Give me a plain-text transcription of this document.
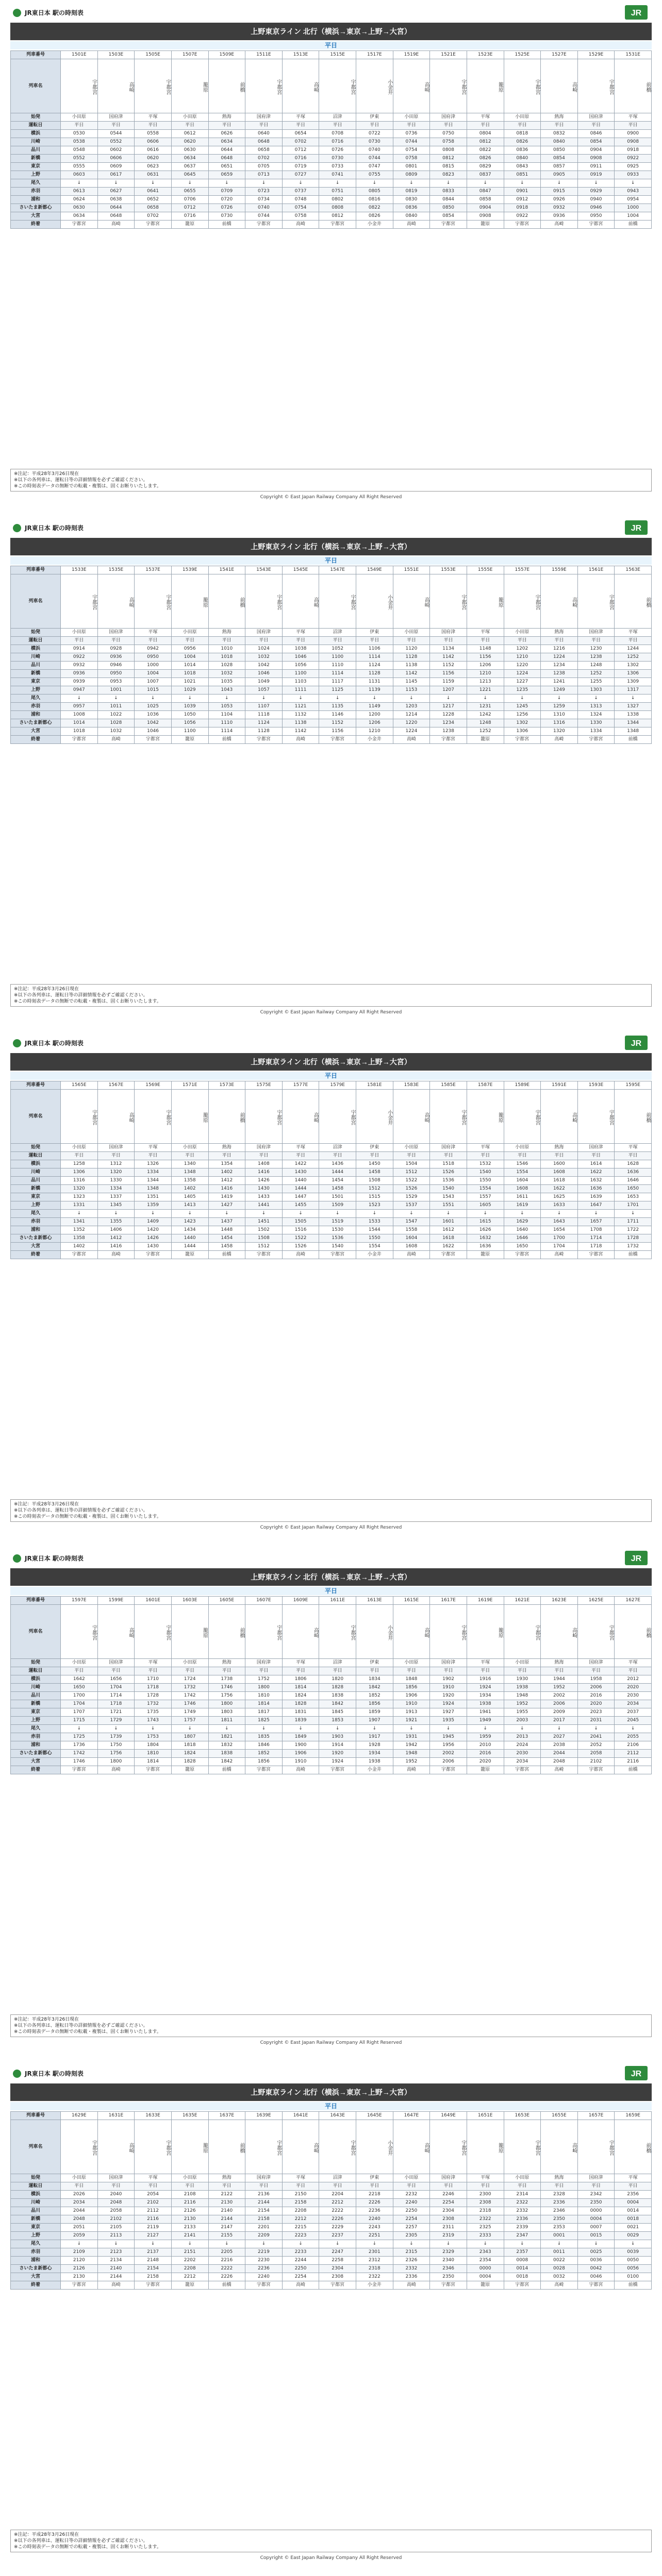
JR東日本 駅の時刻表	JR
上野東京ライン 北行（横浜→東京→上野→大宮）
平日
列車番号	1501E	1503E	1505E	1507E	1509E	1511E	1513E	1515E	1517E	1519E	1521E	1523E	1525E	1527E	1529E	1531E
列車名	宇都宮	高崎	宇都宮	籠原	前橋	宇都宮	高崎	宇都宮	小金井	高崎	宇都宮	籠原	宇都宮	高崎	宇都宮	前橋
始発	小田原	国府津	平塚	小田原	熱海	国府津	平塚	沼津	伊東	小田原	国府津	平塚	小田原	熱海	国府津	平塚
運転日	平日	平日	平日	平日	平日	平日	平日	平日	平日	平日	平日	平日	平日	平日	平日	平日
横浜	0530	0544	0558	0612	0626	0640	0654	0708	0722	0736	0750	0804	0818	0832	0846	0900
川崎	0538	0552	0606	0620	0634	0648	0702	0716	0730	0744	0758	0812	0826	0840	0854	0908
品川	0548	0602	0616	0630	0644	0658	0712	0726	0740	0754	0808	0822	0836	0850	0904	0918
新橋	0552	0606	0620	0634	0648	0702	0716	0730	0744	0758	0812	0826	0840	0854	0908	0922
東京	0555	0609	0623	0637	0651	0705	0719	0733	0747	0801	0815	0829	0843	0857	0911	0925
上野	0603	0617	0631	0645	0659	0713	0727	0741	0755	0809	0823	0837	0851	0905	0919	0933
尾久	↓	↓	↓	↓	↓	↓	↓	↓	↓	↓	↓	↓	↓	↓	↓	↓
赤羽	0613	0627	0641	0655	0709	0723	0737	0751	0805	0819	0833	0847	0901	0915	0929	0943
浦和	0624	0638	0652	0706	0720	0734	0748	0802	0816	0830	0844	0858	0912	0926	0940	0954
さいたま新都心	0630	0644	0658	0712	0726	0740	0754	0808	0822	0836	0850	0904	0918	0932	0946	1000
大宮	0634	0648	0702	0716	0730	0744	0758	0812	0826	0840	0854	0908	0922	0936	0950	1004
終着	宇都宮	高崎	宇都宮	籠原	前橋	宇都宮	高崎	宇都宮	小金井	高崎	宇都宮	籠原	宇都宮	高崎	宇都宮	前橋
※注記：平成28年3月26日現在
※以下の各列車は、運転日等の詳細情報を必ずご確認ください。
※この時刻表データの無断での転載・複製は、固くお断りいたします。
Copyright © East Japan Railway Company All Right Reserved
JR東日本 駅の時刻表	JR
上野東京ライン 北行（横浜→東京→上野→大宮）
平日
列車番号	1533E	1535E	1537E	1539E	1541E	1543E	1545E	1547E	1549E	1551E	1553E	1555E	1557E	1559E	1561E	1563E
列車名	宇都宮	高崎	宇都宮	籠原	前橋	宇都宮	高崎	宇都宮	小金井	高崎	宇都宮	籠原	宇都宮	高崎	宇都宮	前橋
始発	小田原	国府津	平塚	小田原	熱海	国府津	平塚	沼津	伊東	小田原	国府津	平塚	小田原	熱海	国府津	平塚
運転日	平日	平日	平日	平日	平日	平日	平日	平日	平日	平日	平日	平日	平日	平日	平日	平日
横浜	0914	0928	0942	0956	1010	1024	1038	1052	1106	1120	1134	1148	1202	1216	1230	1244
川崎	0922	0936	0950	1004	1018	1032	1046	1100	1114	1128	1142	1156	1210	1224	1238	1252
品川	0932	0946	1000	1014	1028	1042	1056	1110	1124	1138	1152	1206	1220	1234	1248	1302
新橋	0936	0950	1004	1018	1032	1046	1100	1114	1128	1142	1156	1210	1224	1238	1252	1306
東京	0939	0953	1007	1021	1035	1049	1103	1117	1131	1145	1159	1213	1227	1241	1255	1309
上野	0947	1001	1015	1029	1043	1057	1111	1125	1139	1153	1207	1221	1235	1249	1303	1317
尾久	↓	↓	↓	↓	↓	↓	↓	↓	↓	↓	↓	↓	↓	↓	↓	↓
赤羽	0957	1011	1025	1039	1053	1107	1121	1135	1149	1203	1217	1231	1245	1259	1313	1327
浦和	1008	1022	1036	1050	1104	1118	1132	1146	1200	1214	1228	1242	1256	1310	1324	1338
さいたま新都心	1014	1028	1042	1056	1110	1124	1138	1152	1206	1220	1234	1248	1302	1316	1330	1344
大宮	1018	1032	1046	1100	1114	1128	1142	1156	1210	1224	1238	1252	1306	1320	1334	1348
終着	宇都宮	高崎	宇都宮	籠原	前橋	宇都宮	高崎	宇都宮	小金井	高崎	宇都宮	籠原	宇都宮	高崎	宇都宮	前橋
※注記：平成28年3月26日現在
※以下の各列車は、運転日等の詳細情報を必ずご確認ください。
※この時刻表データの無断での転載・複製は、固くお断りいたします。
Copyright © East Japan Railway Company All Right Reserved
JR東日本 駅の時刻表	JR
上野東京ライン 北行（横浜→東京→上野→大宮）
平日
列車番号	1565E	1567E	1569E	1571E	1573E	1575E	1577E	1579E	1581E	1583E	1585E	1587E	1589E	1591E	1593E	1595E
列車名	宇都宮	高崎	宇都宮	籠原	前橋	宇都宮	高崎	宇都宮	小金井	高崎	宇都宮	籠原	宇都宮	高崎	宇都宮	前橋
始発	小田原	国府津	平塚	小田原	熱海	国府津	平塚	沼津	伊東	小田原	国府津	平塚	小田原	熱海	国府津	平塚
運転日	平日	平日	平日	平日	平日	平日	平日	平日	平日	平日	平日	平日	平日	平日	平日	平日
横浜	1258	1312	1326	1340	1354	1408	1422	1436	1450	1504	1518	1532	1546	1600	1614	1628
川崎	1306	1320	1334	1348	1402	1416	1430	1444	1458	1512	1526	1540	1554	1608	1622	1636
品川	1316	1330	1344	1358	1412	1426	1440	1454	1508	1522	1536	1550	1604	1618	1632	1646
新橋	1320	1334	1348	1402	1416	1430	1444	1458	1512	1526	1540	1554	1608	1622	1636	1650
東京	1323	1337	1351	1405	1419	1433	1447	1501	1515	1529	1543	1557	1611	1625	1639	1653
上野	1331	1345	1359	1413	1427	1441	1455	1509	1523	1537	1551	1605	1619	1633	1647	1701
尾久	↓	↓	↓	↓	↓	↓	↓	↓	↓	↓	↓	↓	↓	↓	↓	↓
赤羽	1341	1355	1409	1423	1437	1451	1505	1519	1533	1547	1601	1615	1629	1643	1657	1711
浦和	1352	1406	1420	1434	1448	1502	1516	1530	1544	1558	1612	1626	1640	1654	1708	1722
さいたま新都心	1358	1412	1426	1440	1454	1508	1522	1536	1550	1604	1618	1632	1646	1700	1714	1728
大宮	1402	1416	1430	1444	1458	1512	1526	1540	1554	1608	1622	1636	1650	1704	1718	1732
終着	宇都宮	高崎	宇都宮	籠原	前橋	宇都宮	高崎	宇都宮	小金井	高崎	宇都宮	籠原	宇都宮	高崎	宇都宮	前橋
※注記：平成28年3月26日現在
※以下の各列車は、運転日等の詳細情報を必ずご確認ください。
※この時刻表データの無断での転載・複製は、固くお断りいたします。
Copyright © East Japan Railway Company All Right Reserved
JR東日本 駅の時刻表	JR
上野東京ライン 北行（横浜→東京→上野→大宮）
平日
列車番号	1597E	1599E	1601E	1603E	1605E	1607E	1609E	1611E	1613E	1615E	1617E	1619E	1621E	1623E	1625E	1627E
列車名	宇都宮	高崎	宇都宮	籠原	前橋	宇都宮	高崎	宇都宮	小金井	高崎	宇都宮	籠原	宇都宮	高崎	宇都宮	前橋
始発	小田原	国府津	平塚	小田原	熱海	国府津	平塚	沼津	伊東	小田原	国府津	平塚	小田原	熱海	国府津	平塚
運転日	平日	平日	平日	平日	平日	平日	平日	平日	平日	平日	平日	平日	平日	平日	平日	平日
横浜	1642	1656	1710	1724	1738	1752	1806	1820	1834	1848	1902	1916	1930	1944	1958	2012
川崎	1650	1704	1718	1732	1746	1800	1814	1828	1842	1856	1910	1924	1938	1952	2006	2020
品川	1700	1714	1728	1742	1756	1810	1824	1838	1852	1906	1920	1934	1948	2002	2016	2030
新橋	1704	1718	1732	1746	1800	1814	1828	1842	1856	1910	1924	1938	1952	2006	2020	2034
東京	1707	1721	1735	1749	1803	1817	1831	1845	1859	1913	1927	1941	1955	2009	2023	2037
上野	1715	1729	1743	1757	1811	1825	1839	1853	1907	1921	1935	1949	2003	2017	2031	2045
尾久	↓	↓	↓	↓	↓	↓	↓	↓	↓	↓	↓	↓	↓	↓	↓	↓
赤羽	1725	1739	1753	1807	1821	1835	1849	1903	1917	1931	1945	1959	2013	2027	2041	2055
浦和	1736	1750	1804	1818	1832	1846	1900	1914	1928	1942	1956	2010	2024	2038	2052	2106
さいたま新都心	1742	1756	1810	1824	1838	1852	1906	1920	1934	1948	2002	2016	2030	2044	2058	2112
大宮	1746	1800	1814	1828	1842	1856	1910	1924	1938	1952	2006	2020	2034	2048	2102	2116
終着	宇都宮	高崎	宇都宮	籠原	前橋	宇都宮	高崎	宇都宮	小金井	高崎	宇都宮	籠原	宇都宮	高崎	宇都宮	前橋
※注記：平成28年3月26日現在
※以下の各列車は、運転日等の詳細情報を必ずご確認ください。
※この時刻表データの無断での転載・複製は、固くお断りいたします。
Copyright © East Japan Railway Company All Right Reserved
JR東日本 駅の時刻表	JR
上野東京ライン 北行（横浜→東京→上野→大宮）
平日
列車番号	1629E	1631E	1633E	1635E	1637E	1639E	1641E	1643E	1645E	1647E	1649E	1651E	1653E	1655E	1657E	1659E
列車名	宇都宮	高崎	宇都宮	籠原	前橋	宇都宮	高崎	宇都宮	小金井	高崎	宇都宮	籠原	宇都宮	高崎	宇都宮	前橋
始発	小田原	国府津	平塚	小田原	熱海	国府津	平塚	沼津	伊東	小田原	国府津	平塚	小田原	熱海	国府津	平塚
運転日	平日	平日	平日	平日	平日	平日	平日	平日	平日	平日	平日	平日	平日	平日	平日	平日
横浜	2026	2040	2054	2108	2122	2136	2150	2204	2218	2232	2246	2300	2314	2328	2342	2356
川崎	2034	2048	2102	2116	2130	2144	2158	2212	2226	2240	2254	2308	2322	2336	2350	0004
品川	2044	2058	2112	2126	2140	2154	2208	2222	2236	2250	2304	2318	2332	2346	0000	0014
新橋	2048	2102	2116	2130	2144	2158	2212	2226	2240	2254	2308	2322	2336	2350	0004	0018
東京	2051	2105	2119	2133	2147	2201	2215	2229	2243	2257	2311	2325	2339	2353	0007	0021
上野	2059	2113	2127	2141	2155	2209	2223	2237	2251	2305	2319	2333	2347	0001	0015	0029
尾久	↓	↓	↓	↓	↓	↓	↓	↓	↓	↓	↓	↓	↓	↓	↓	↓
赤羽	2109	2123	2137	2151	2205	2219	2233	2247	2301	2315	2329	2343	2357	0011	0025	0039
浦和	2120	2134	2148	2202	2216	2230	2244	2258	2312	2326	2340	2354	0008	0022	0036	0050
さいたま新都心	2126	2140	2154	2208	2222	2236	2250	2304	2318	2332	2346	0000	0014	0028	0042	0056
大宮	2130	2144	2158	2212	2226	2240	2254	2308	2322	2336	2350	0004	0018	0032	0046	0100
終着	宇都宮	高崎	宇都宮	籠原	前橋	宇都宮	高崎	宇都宮	小金井	高崎	宇都宮	籠原	宇都宮	高崎	宇都宮	前橋
※注記：平成28年3月26日現在
※以下の各列車は、運転日等の詳細情報を必ずご確認ください。
※この時刻表データの無断での転載・複製は、固くお断りいたします。
Copyright © East Japan Railway Company All Right Reserved
